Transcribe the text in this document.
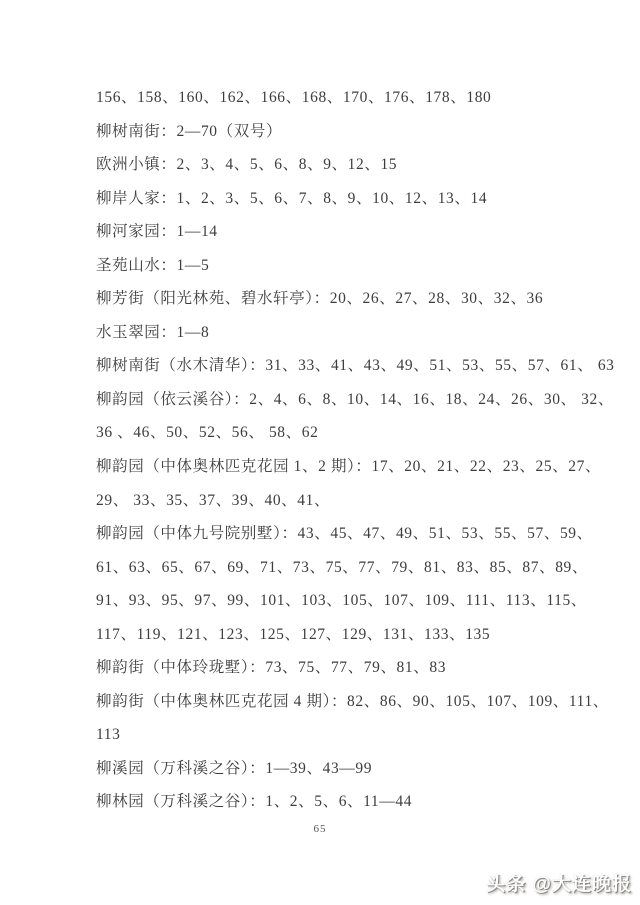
156、158、160、162、166、168、170、176、178、180
柳树南街：2—70（双号）
欧洲小镇：2、3、4、5、6、8、9、12、15
柳岸人家：1、2、3、5、6、7、8、9、10、12、13、14
柳河家园：1—14
圣苑山水：1—5
柳芳街（阳光林苑、碧水轩亭）：20、26、27、28、30、32、36
水玉翠园：1—8
柳树南街（水木清华）：31、33、41、43、49、51、53、55、57、61、 63
柳韵园（依云溪谷）：2、4、6、8、10、14、16、18、24、26、30、 32、
36 、46、50、52、56、 58、62
柳韵园（中体奥林匹克花园 1、2 期）：17、20、21、22、23、25、27、
29、 33、35、37、39、40、41、
柳韵园（中体九号院别墅）：43、45、47、49、51、53、55、57、59、
61、63、65、67、69、71、73、75、77、79、81、83、85、87、89、
91、93、95、97、99、101、103、105、107、109、111、113、115、
117、119、121、123、125、127、129、131、133、135
柳韵街（中体玲珑墅）：73、75、77、79、81、83
柳韵街（中体奥林匹克花园 4 期）：82、86、90、105、107、109、111、
113
柳溪园（万科溪之谷）：1—39、43—99
柳林园（万科溪之谷）：1、2、5、6、11—44
65
头条 @大连晚报
